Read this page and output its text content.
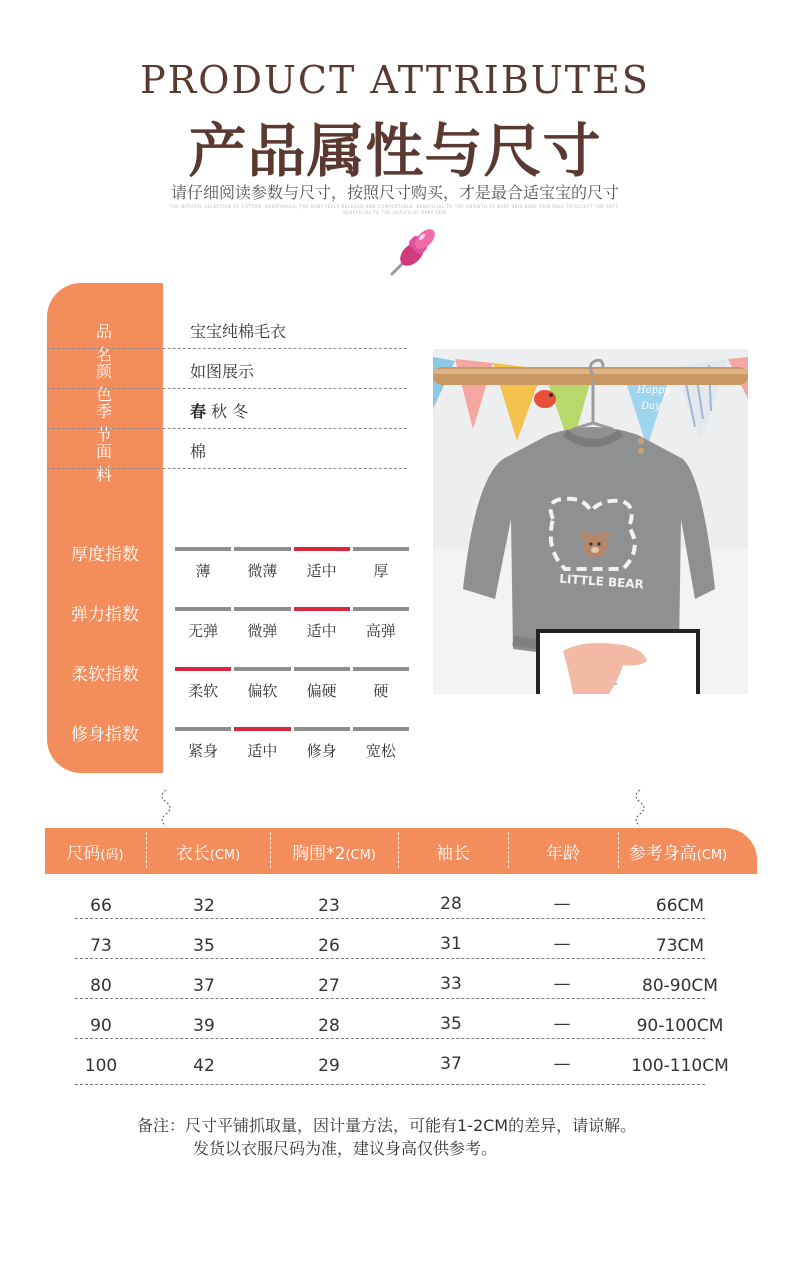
PRODUCT ATTRIBUTES
产品属性与尺寸
请仔细阅读参数与尺寸，按照尺寸购买，才是最合适宝宝的尺寸
THE NATURAL SELECTION OF COTTON, BREATHABLE, THE BABY FEELS RELAXED AND COMFORTABLE, BENEFICIAL TO THE GROWTH OF BABY SKIN BABY SKIN ABLE TO ACCEPT THE SOFT, BENEFICIAL TO THE HEALTH OF BABY SKIN
品名
宝宝纯棉毛衣
颜色
如图展示
季节
春 秋 冬
面料
棉
厚度指数
薄	微薄	适中	厚
弹力指数
无弹	微弹	适中	高弹
柔软指数
柔软	偏软	偏硬	硬
修身指数
紧身	适中	修身	宽松
Happy
Day
LITTLE BEAR
尺码(码)	衣长(CM)	胸围*2(CM)	袖长	年龄	参考身高(CM)
66	32	23	28	—	66CM
73	35	26	31	—	73CM
80	37	27	33	—	80-90CM
90	39	28	35	—	90-100CM
100	42	29	37	—	100-110CM
备注：尺寸平铺抓取量，因计量方法，可能有1-2CM的差异，请谅解。
发货以衣服尺码为准，建议身高仅供参考。
